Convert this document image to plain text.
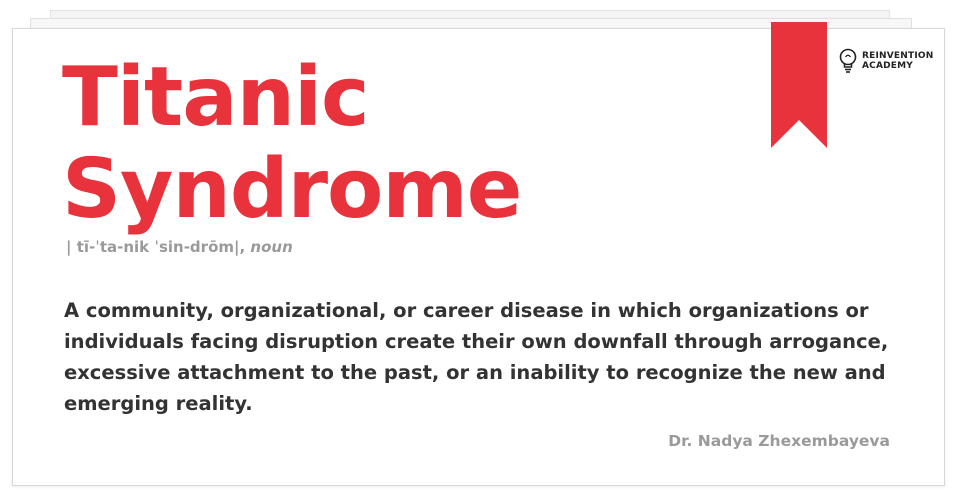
REINVENTION
ACADEMY
Titanic
Syndrome
| tī-ˈta-nik ˈsin-drōm|, noun

A community, organizational, or career disease in which organizations or individuals facing disruption create their own downfall through arrogance, excessive attachment to the past, or an inability to recognize the new and emerging reality.

Dr. Nadya Zhexembayeva
